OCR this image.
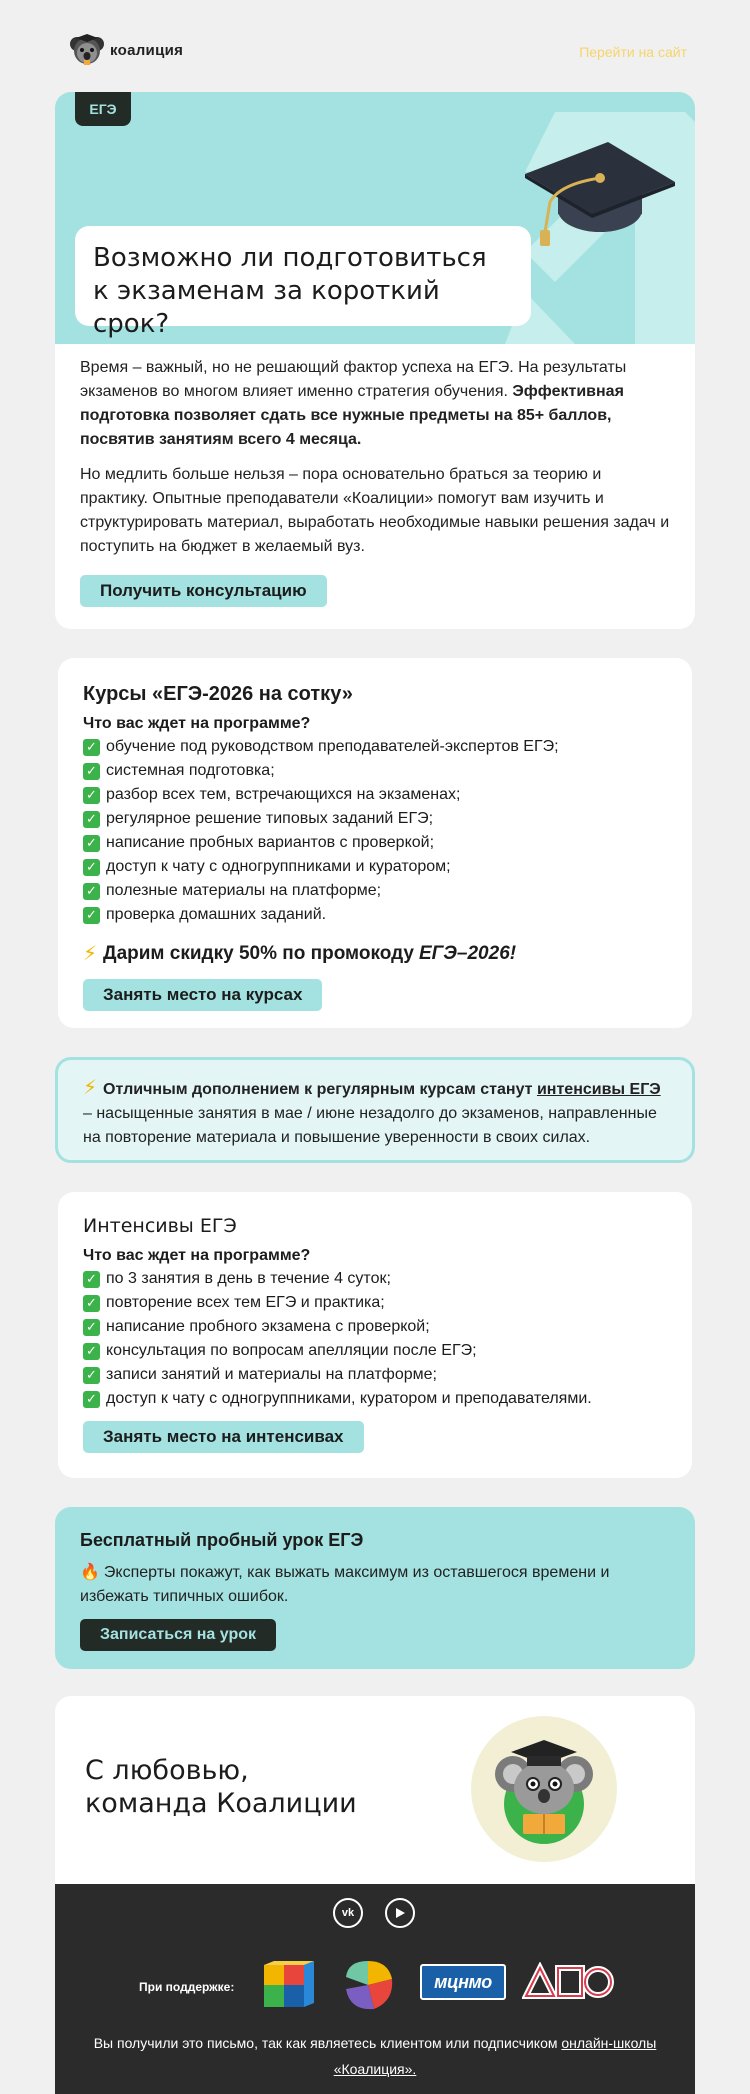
коалиция	Перейти на сайт
ЕГЭ
Возможно ли подготовиться
к экзаменам за короткий срок?

Время – важный, но не решающий фактор успеха на ЕГЭ. На результаты экзаменов во многом влияет именно стратегия обучения. Эффективная подготовка позволяет сдать все нужные предметы на 85+ баллов, посвятив занятиям всего 4 месяца.

Но медлить больше нельзя – пора основательно браться за теорию и практику. Опытные преподаватели «Коалиции» помогут вам изучить и структурировать материал, выработать необходимые навыки решения задач и поступить на бюджет в желаемый вуз.

Получить консультацию
Курсы «ЕГЭ-2026 на сотку»
Что вас ждет на программе?
✓ обучение под руководством преподавателей-экспертов ЕГЭ;
✓ системная подготовка;
✓ разбор всех тем, встречающихся на экзаменах;
✓ регулярное решение типовых заданий ЕГЭ;
✓ написание пробных вариантов с проверкой;
✓ доступ к чату с одногруппниками и куратором;
✓ полезные материалы на платформе;
✓ проверка домашних заданий.
⚡ Дарим скидку 50% по промокоду ЕГЭ–2026!
Занять место на курсах

⚡ Отличным дополнением к регулярным курсам станут интенсивы ЕГЭ – насыщенные занятия в мае / июне незадолго до экзаменов, направленные на повторение материала и повышение уверенности в своих силах.

Интенсивы ЕГЭ
Что вас ждет на программе?
✓ по 3 занятия в день в течение 4 суток;
✓ повторение всех тем ЕГЭ и практика;
✓ написание пробного экзамена с проверкой;
✓ консультация по вопросам апелляции после ЕГЭ;
✓ записи занятий и материалы на платформе;
✓ доступ к чату с одногруппниками, куратором и преподавателями.
Занять место на интенсивах
Бесплатный пробный урок ЕГЭ

🔥 Эксперты покажут, как выжать максимум из оставшегося времени и избежать типичных ошибок.

Записаться на урок
С любовью,
команда Коалиции
vk
При поддержке:	мцнмо
Вы получили это письмо, так как являетесь клиентом или подписчиком онлайн-школы «Коалиция».
